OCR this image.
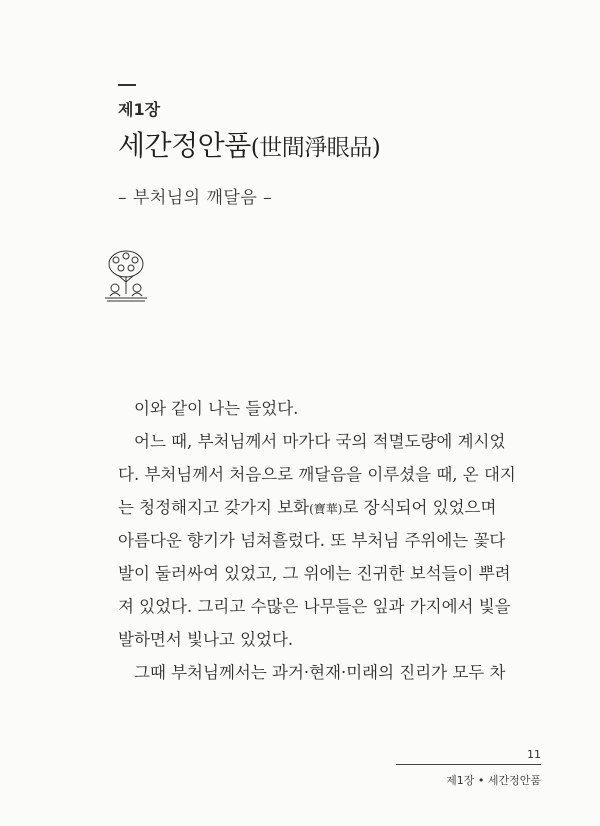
제1장
세간정안품(世間淨眼品)
– 부처님의 깨달음 –
이와 같이 나는 들었다.
어느 때, 부처님께서 마가다 국의 적멸도량에 계시었
다. 부처님께서 처음으로 깨달음을 이루셨을 때, 온 대지
는 청정해지고 갖가지 보화(寶華)로 장식되어 있었으며
아름다운 향기가 넘쳐흘렀다. 또 부처님 주위에는 꽃다
발이 둘러싸여 있었고, 그 위에는 진귀한 보석들이 뿌려
져 있었다. 그리고 수많은 나무들은 잎과 가지에서 빛을
발하면서 빛나고 있었다.
그때 부처님께서는 과거·현재·미래의 진리가 모두 차
11
제1장 • 세간정안품
